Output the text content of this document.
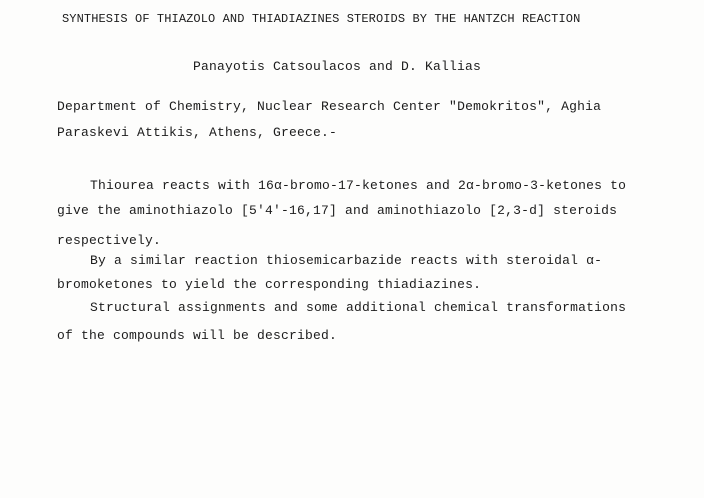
SYNTHESIS OF THIAZOLO AND THIADIAZINES STEROIDS BY THE HANTZCH REACTION
Panayotis Catsoulacos and D. Kallias
Department of Chemistry, Nuclear Research Center "Demokritos", Aghia
Paraskevi Attikis, Athens, Greece.-
Thiourea reacts with 16α-bromo-17-ketones and 2α-bromo-3-ketones to
give the aminothiazolo [5'4'-16,17] and aminothiazolo [2,3-d] steroids
respectively.
By a similar reaction thiosemicarbazide reacts with steroidal α-
bromoketones to yield the corresponding thiadiazines.
Structural assignments and some additional chemical transformations
of the compounds will be described.
